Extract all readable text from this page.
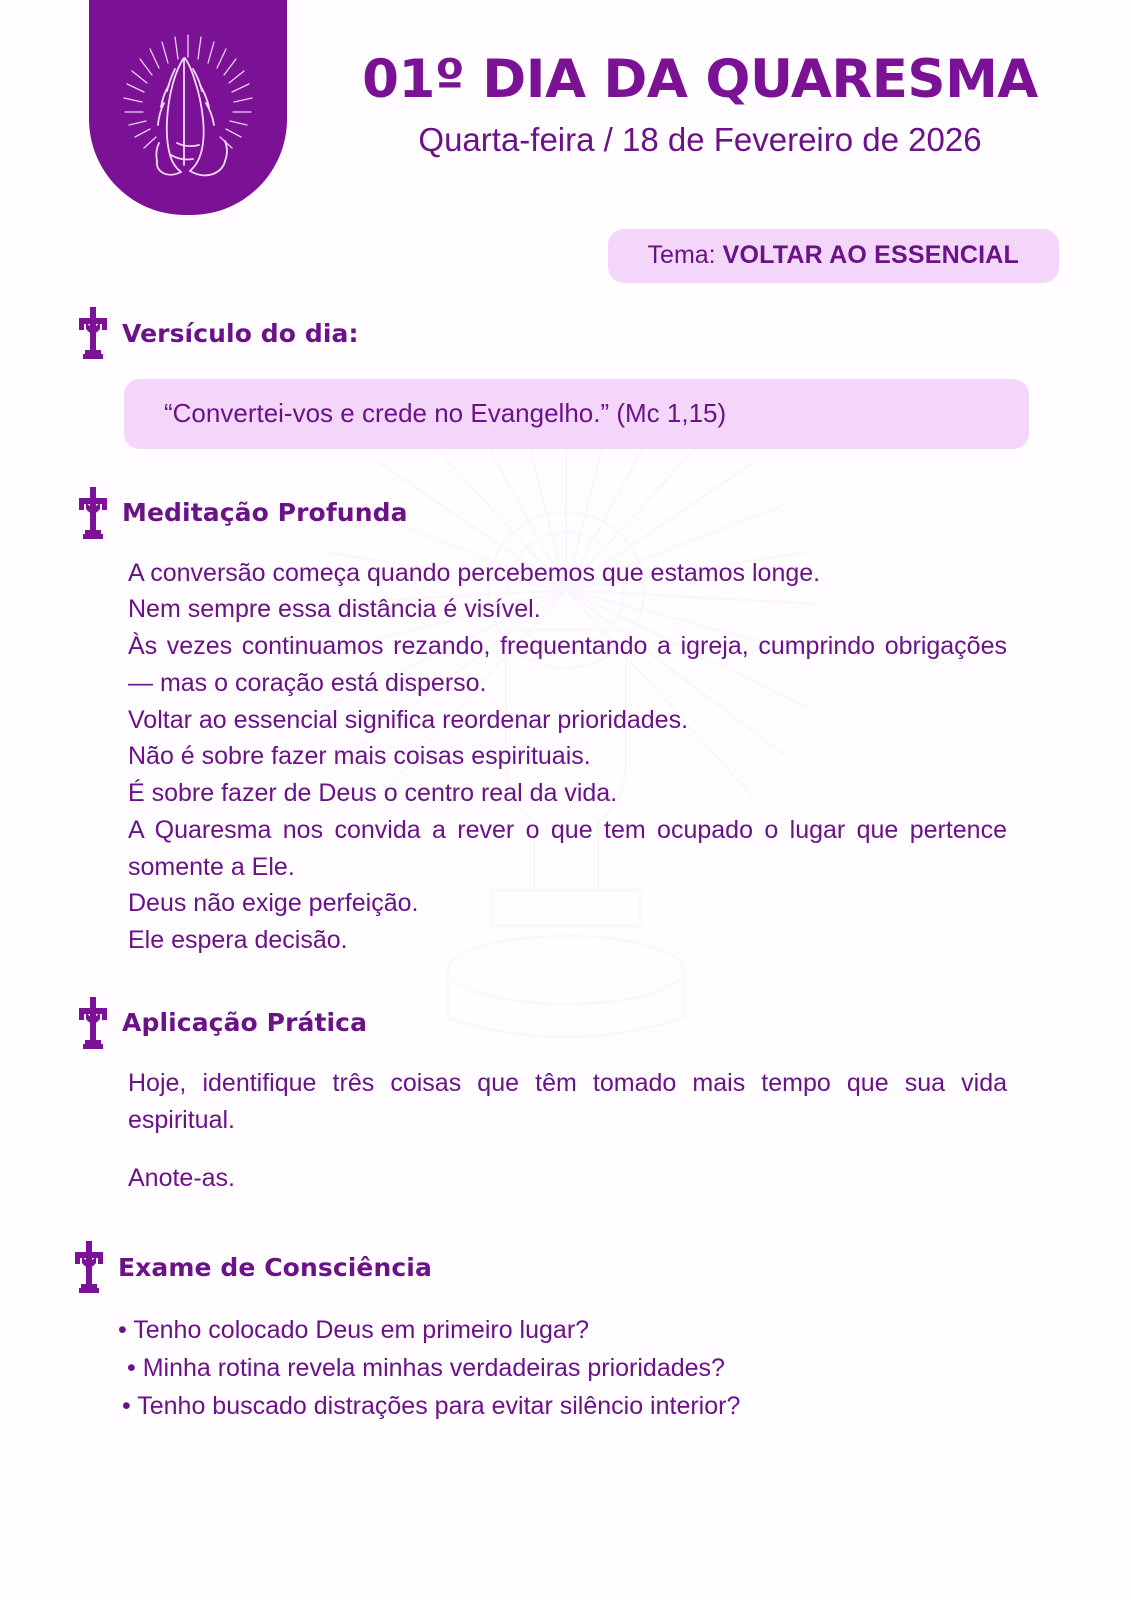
01º DIA DA QUARESMA
Quarta-feira / 18 de Fevereiro de 2026
Tema: VOLTAR AO ESSENCIAL
Versículo do dia:
“Convertei-vos e crede no Evangelho.” (Mc 1,15)
Meditação Profunda

A conversão começa quando percebemos que estamos longe.

Nem sempre essa distância é visível.

Às vezes continuamos rezando, frequentando a igreja, cumprindo obrigações — mas o coração está disperso.

Voltar ao essencial significa reordenar prioridades.

Não é sobre fazer mais coisas espirituais.

É sobre fazer de Deus o centro real da vida.

A Quaresma nos convida a rever o que tem ocupado o lugar que pertence somente a Ele.

Deus não exige perfeição.

Ele espera decisão.

Aplicação Prática

Hoje, identifique três coisas que têm tomado mais tempo que sua vida espiritual.

Anote-as.

Exame de Consciência
• Tenho colocado Deus em primeiro lugar?
• Minha rotina revela minhas verdadeiras prioridades?
• Tenho buscado distrações para evitar silêncio interior?
